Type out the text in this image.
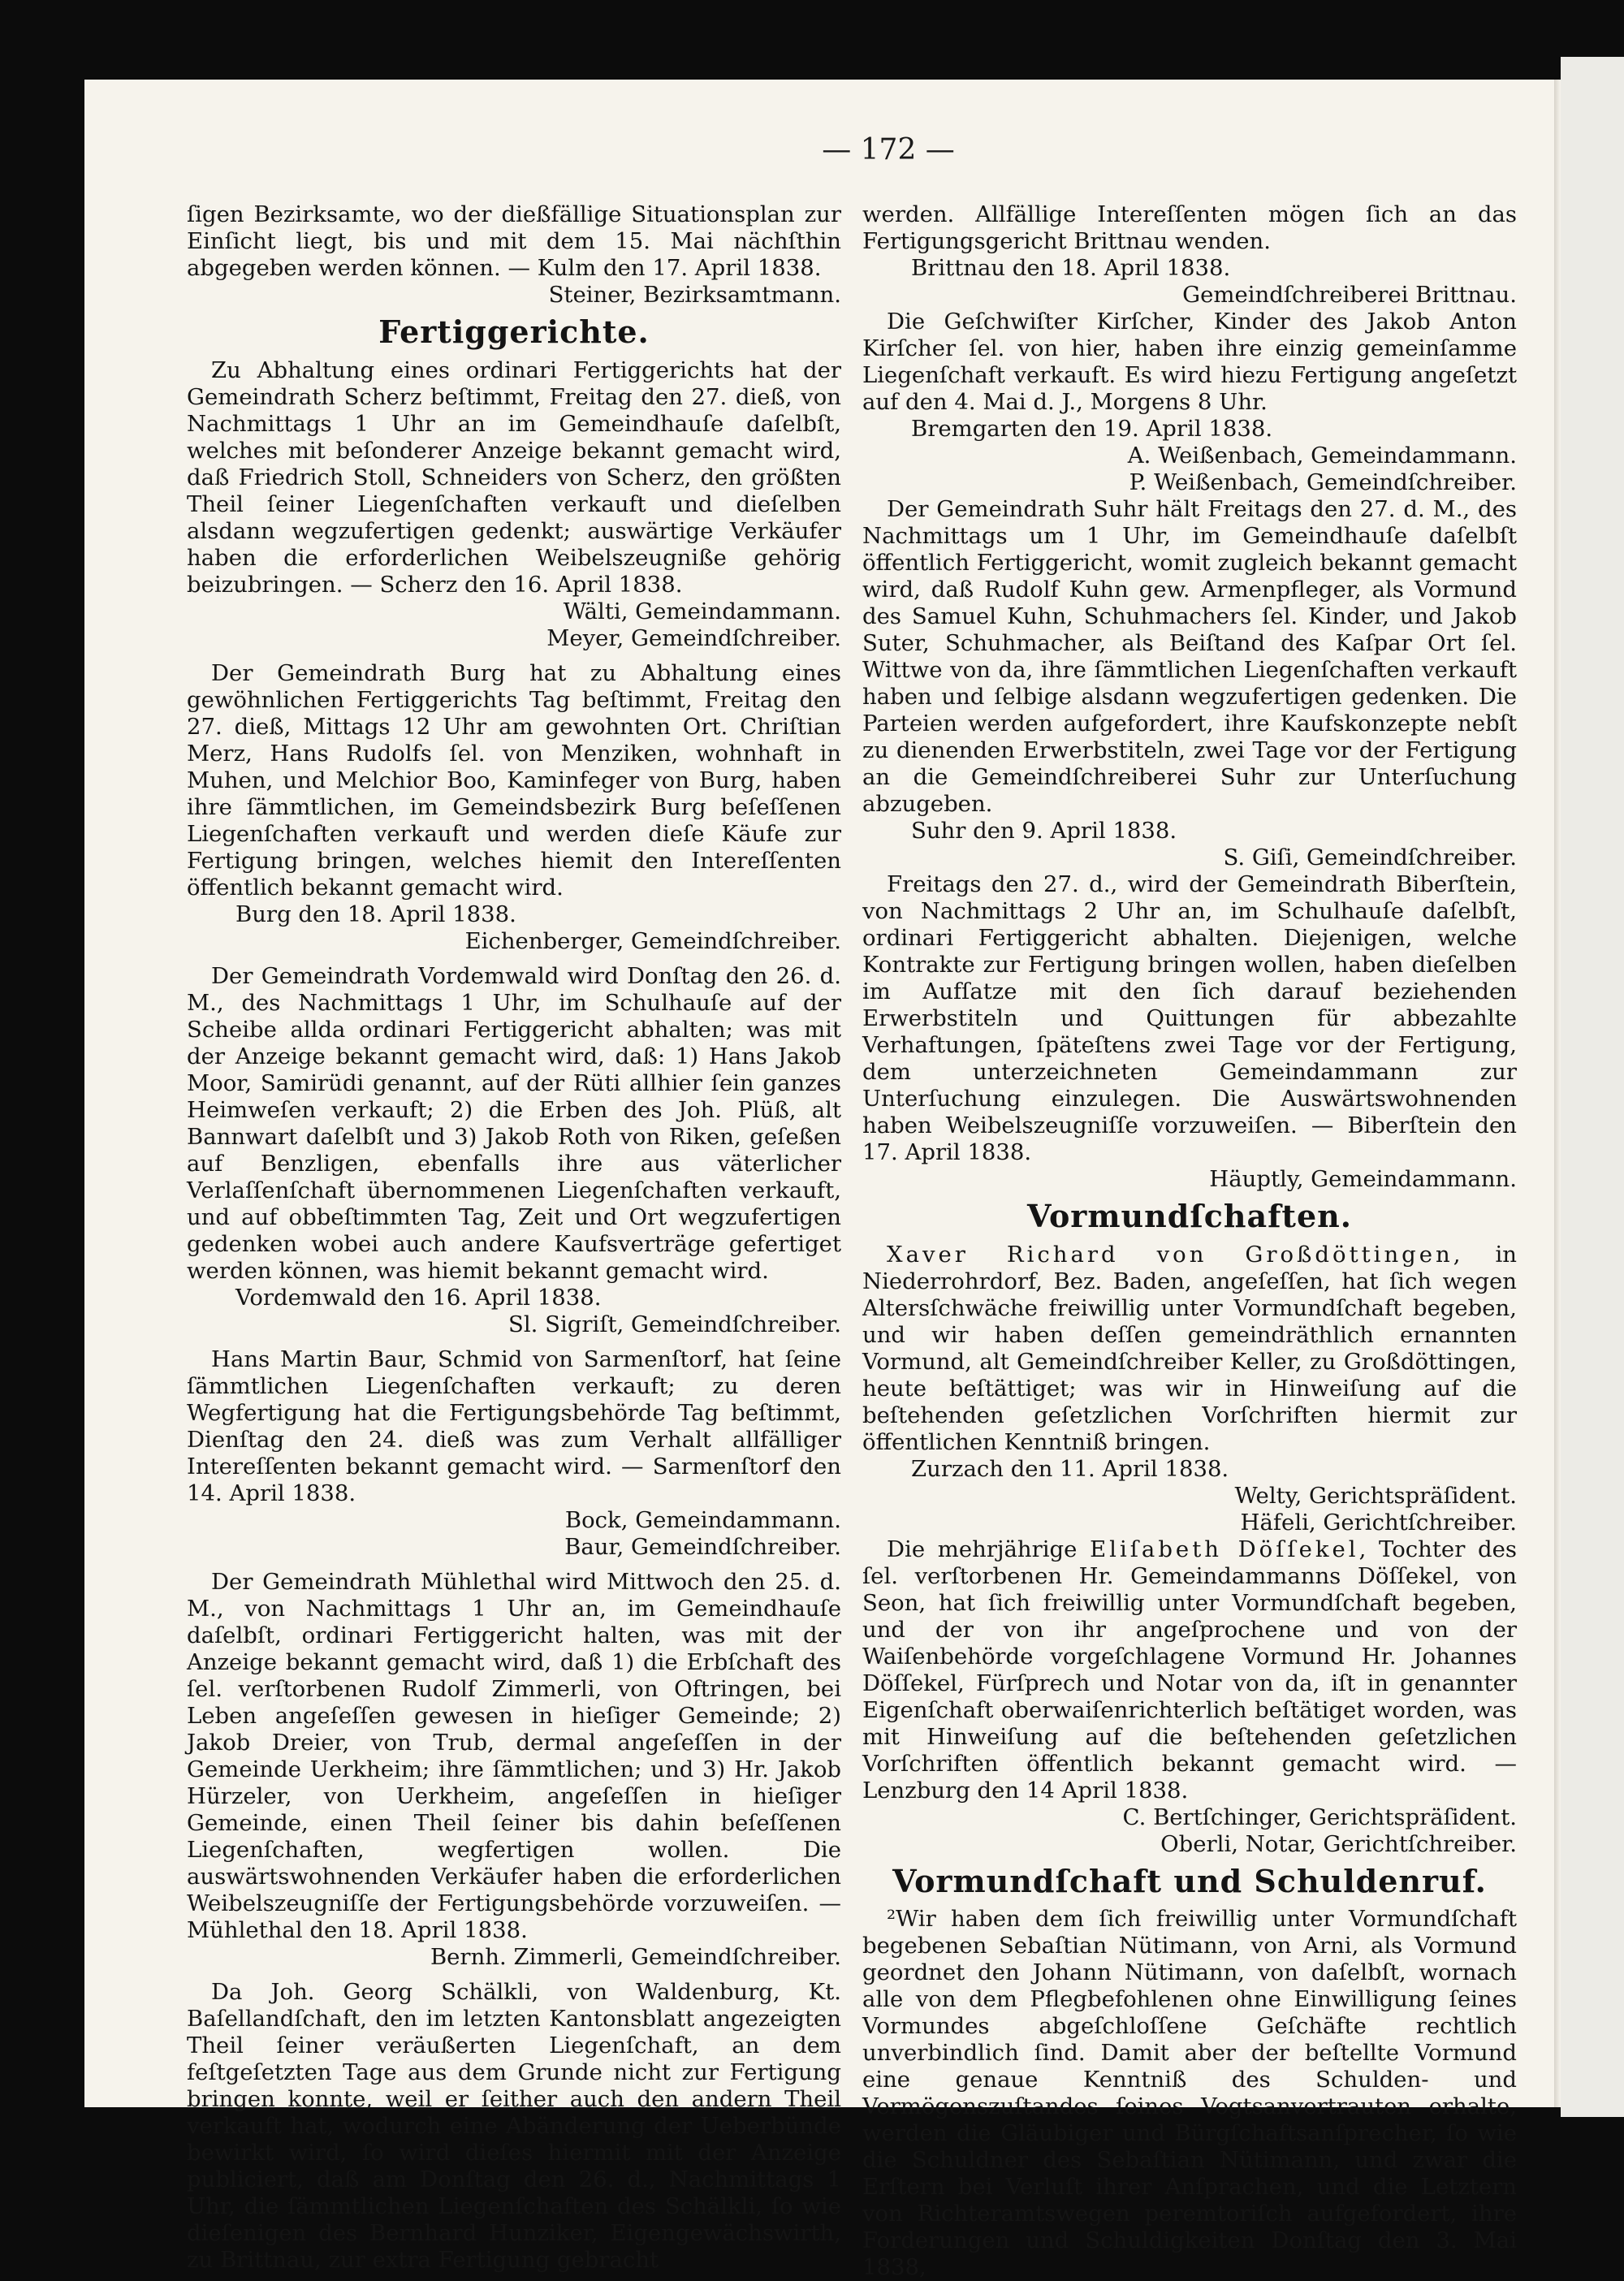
— 172 —

ſigen Bezirksamte, wo der dießfällige Situationsplan zur Einſicht liegt, bis und mit dem 15. Mai nächſthin abgegeben werden können. — Kulm den 17. April 1838.

Steiner, Bezirksamtmann.

Fertiggerichte.

Zu Abhaltung eines ordinari Fertiggerichts hat der Gemeindrath Scherz beſtimmt, Freitag den 27. dieß, von Nachmittags 1 Uhr an im Gemeindhauſe daſelbſt, welches mit beſonderer Anzeige bekannt gemacht wird, daß Friedrich Stoll, Schneiders von Scherz, den größten Theil ſeiner Liegenſchaften verkauft und dieſelben alsdann wegzufertigen gedenkt; auswärtige Verkäufer haben die erforderlichen Weibelszeugniße gehörig beizubringen. — Scherz den 16. April 1838.

Wälti, Gemeindammann.

Meyer, Gemeindſchreiber.

Der Gemeindrath Burg hat zu Abhaltung eines gewöhnlichen Fertiggerichts Tag beſtimmt, Freitag den 27. dieß, Mittags 12 Uhr am gewohnten Ort. Chriſtian Merz, Hans Rudolfs ſel. von Menziken, wohnhaft in Muhen, und Melchior Boo, Kaminfeger von Burg, haben ihre ſämmtlichen, im Gemeindsbezirk Burg beſeſſenen Liegenſchaften verkauft und werden dieſe Käufe zur Fertigung bringen, welches hiemit den Intereſſenten öffentlich bekannt gemacht wird.

Burg den 18. April 1838.

Eichenberger, Gemeindſchreiber.

Der Gemeindrath Vordemwald wird Donſtag den 26. d. M., des Nachmittags 1 Uhr, im Schulhauſe auf der Scheibe allda ordinari Fertiggericht abhalten; was mit der Anzeige bekannt gemacht wird, daß: 1) Hans Jakob Moor, Samirüdi genannt, auf der Rüti allhier ſein ganzes Heimweſen verkauft; 2) die Erben des Joh. Plüß, alt Bannwart daſelbſt und 3) Jakob Roth von Riken, geſeßen auf Benzligen, ebenfalls ihre aus väterlicher Verlaſſenſchaft übernommenen Liegenſchaften verkauft, und auf obbeſtimmten Tag, Zeit und Ort wegzufertigen gedenken wobei auch andere Kaufsverträge gefertiget werden können, was hiemit bekannt gemacht wird.

Vordemwald den 16. April 1838.

Sl. Sigriſt, Gemeindſchreiber.

Hans Martin Baur, Schmid von Sarmenſtorf, hat ſeine ſämmtlichen Liegenſchaften verkauft; zu deren Wegfertigung hat die Fertigungsbehörde Tag beſtimmt, Dienſtag den 24. dieß was zum Verhalt allfälliger Intereſſenten bekannt gemacht wird. — Sarmenſtorf den 14. April 1838.

Bock, Gemeindammann.

Baur, Gemeindſchreiber.

Der Gemeindrath Mühlethal wird Mittwoch den 25. d. M., von Nachmittags 1 Uhr an, im Gemeindhauſe daſelbſt, ordinari Fertiggericht halten, was mit der Anzeige bekannt gemacht wird, daß 1) die Erbſchaft des ſel. verſtorbenen Rudolf Zimmerli, von Oftringen, bei Leben angeſeſſen gewesen in hieſiger Gemeinde; 2) Jakob Dreier, von Trub, dermal angeſeſſen in der Gemeinde Uerkheim; ihre ſämmtlichen; und 3) Hr. Jakob Hürzeler, von Uerkheim, angeſeſſen in hieſiger Gemeinde, einen Theil ſeiner bis dahin beſeſſenen Liegenſchaften, wegfertigen wollen. Die auswärtswohnenden Verkäufer haben die erforderlichen Weibelszeugniſſe der Fertigungsbehörde vorzuweiſen. — Mühlethal den 18. April 1838.

Bernh. Zimmerli, Gemeindſchreiber.

Da Joh. Georg Schälkli, von Waldenburg, Kt. Baſellandſchaft, den im letzten Kantonsblatt angezeigten Theil ſeiner veräußerten Liegenſchaft, an dem feſtgeſetzten Tage aus dem Grunde nicht zur Fertigung bringen konnte, weil er ſeither auch den andern Theil verkauft hat, wodurch eine Abänderung der Ueberbünde bewirkt wird, ſo wird dieſes hiermit mit der Anzeige publiciert, daß am Donſtag den 26. d., Nachmittags 1 Uhr, die ſämmtlichen Liegenſchaften des Schälkli, ſo wie dieſenigen des Bernhard Hunziker, Eigengewächswirth, zu Brittnau, zur extra Fertigung gebracht

werden. Allfällige Intereſſenten mögen ſich an das Fertigungsgericht Brittnau wenden.

Brittnau den 18. April 1838.

Gemeindſchreiberei Brittnau.

Die Geſchwiſter Kirſcher, Kinder des Jakob Anton Kirſcher ſel. von hier, haben ihre einzig gemeinſamme Liegenſchaft verkauft. Es wird hiezu Fertigung angeſetzt auf den 4. Mai d. J., Morgens 8 Uhr.

Bremgarten den 19. April 1838.

A. Weißenbach, Gemeindammann.

P. Weißenbach, Gemeindſchreiber.

Der Gemeindrath Suhr hält Freitags den 27. d. M., des Nachmittags um 1 Uhr, im Gemeindhauſe daſelbſt öffentlich Fertiggericht, womit zugleich bekannt gemacht wird, daß Rudolf Kuhn gew. Armenpfleger, als Vormund des Samuel Kuhn, Schuhmachers ſel. Kinder, und Jakob Suter, Schuhmacher, als Beiſtand des Kaſpar Ort ſel. Wittwe von da, ihre ſämmtlichen Liegenſchaften verkauft haben und ſelbige alsdann wegzufertigen gedenken. Die Parteien werden aufgefordert, ihre Kaufskonzepte nebſt zu dienenden Erwerbstiteln, zwei Tage vor der Fertigung an die Gemeindſchreiberei Suhr zur Unterſuchung abzugeben.

Suhr den 9. April 1838.

S. Giſi, Gemeindſchreiber.

Freitags den 27. d., wird der Gemeindrath Biberſtein, von Nachmittags 2 Uhr an, im Schulhauſe daſelbſt, ordinari Fertiggericht abhalten. Diejenigen, welche Kontrakte zur Fertigung bringen wollen, haben dieſelben im Aufſatze mit den ſich darauf beziehenden Erwerbstiteln und Quittungen für abbezahlte Verhaftungen, ſpäteſtens zwei Tage vor der Fertigung, dem unterzeichneten Gemeindammann zur Unterſuchung einzulegen. Die Auswärtswohnenden haben Weibelszeugniſſe vorzuweiſen. — Biberſtein den 17. April 1838.

Häuptly, Gemeindammann.

Vormundſchaften.

Xaver Richard von Großdöttingen, in Niederrohrdorf, Bez. Baden, angeſeſſen, hat ſich wegen Altersſchwäche freiwillig unter Vormundſchaft begeben, und wir haben deſſen gemeindräthlich ernannten Vormund, alt Gemeindſchreiber Keller, zu Großdöttingen, heute beſtättiget; was wir in Hinweiſung auf die beſtehenden geſetzlichen Vorſchriften hiermit zur öffentlichen Kenntniß bringen.

Zurzach den 11. April 1838.

Welty, Gerichtspräſident.

Häfeli, Gerichtſchreiber.

Die mehrjährige Eliſabeth Döſſekel, Tochter des ſel. verſtorbenen Hr. Gemeindammanns Döſſekel, von Seon, hat ſich freiwillig unter Vormundſchaft begeben, und der von ihr angeſprochene und von der Waiſenbehörde vorgeſchlagene Vormund Hr. Johannes Döſſekel, Fürſprech und Notar von da, iſt in genannter Eigenſchaft oberwaiſenrichterlich beſtätiget worden, was mit Hinweiſung auf die beſtehenden geſetzlichen Vorſchriften öffentlich bekannt gemacht wird. — Lenzburg den 14 April 1838.

C. Bertſchinger, Gerichtspräſident.

Oberli, Notar, Gerichtſchreiber.

Vormundſchaft und Schuldenruf.

²Wir haben dem ſich freiwillig unter Vormundſchaft begebenen Sebaſtian Nütimann, von Arni, als Vormund geordnet den Johann Nütimann, von daſelbſt, wornach alle von dem Pflegbefohlenen ohne Einwilligung ſeines Vormundes abgeſchloſſene Geſchäfte rechtlich unverbindlich ſind. Damit aber der beſtellte Vormund eine genaue Kenntniß des Schulden- und Vermögenszuſtandes ſeines Vogtsanvertrauten erhalte, werden die Gläubiger und Bürgſchaftsanſprecher, ſo wie die Schuldner des Sebaſtian Nütimann, und zwar die Erſtern bei Verluſt ihrer Anſprachen, und die Letztern von Richteramtswegen peremtoriſch aufgefordert, ihre Forderungen und Schuldigkeiten Donſtag den 3. Mai 1838,
